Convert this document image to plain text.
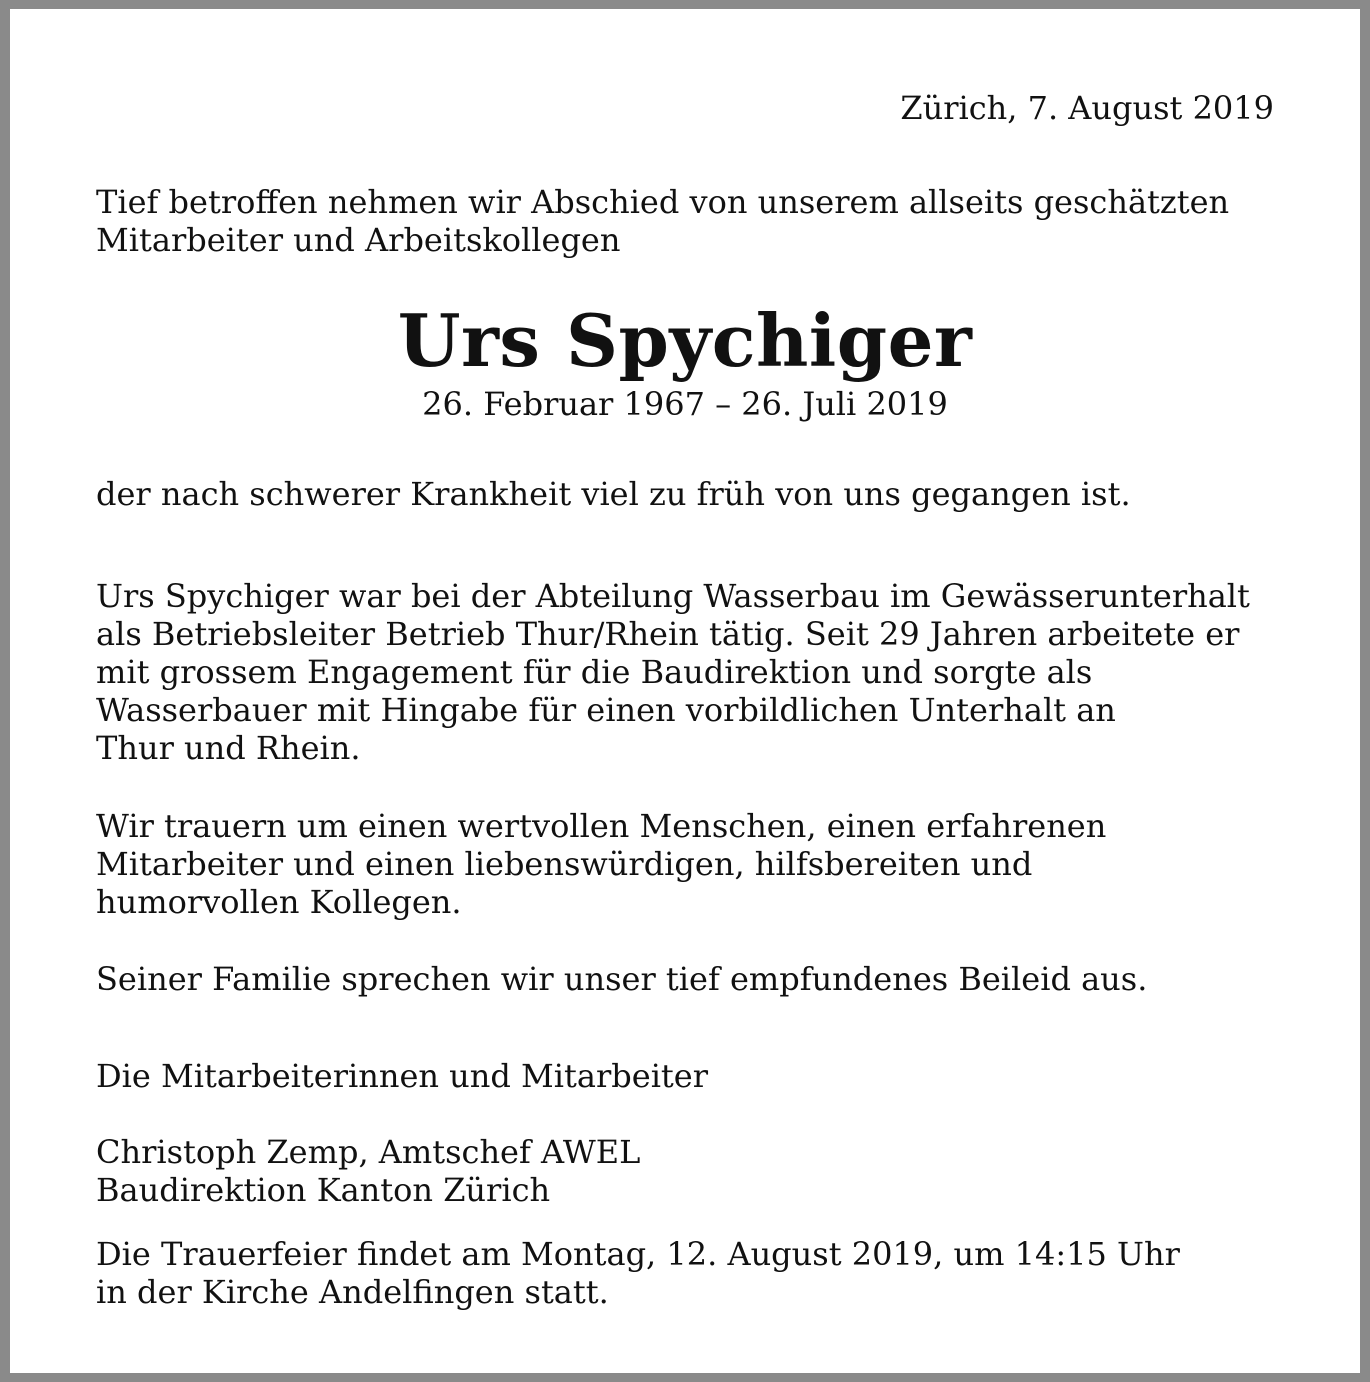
Zürich, 7. August 2019

Tief betroffen nehmen wir Abschied von unserem allseits geschätzten

Mitarbeiter und Arbeitskollegen

Urs Spychiger

26. Februar 1967 – 26. Juli 2019

der nach schwerer Krankheit viel zu früh von uns gegangen ist.

Urs Spychiger war bei der Abteilung Wasserbau im Gewässerunterhalt

als Betriebsleiter Betrieb Thur/Rhein tätig. Seit 29 Jahren arbeitete er

mit grossem Engagement für die Baudirektion und sorgte als

Wasserbauer mit Hingabe für einen vorbildlichen Unterhalt an

Thur und Rhein.

Wir trauern um einen wertvollen Menschen, einen erfahrenen

Mitarbeiter und einen liebenswürdigen, hilfsbereiten und

humorvollen Kollegen.

Seiner Familie sprechen wir unser tief empfundenes Beileid aus.

Die Mitarbeiterinnen und Mitarbeiter

Christoph Zemp, Amtschef AWEL

Baudirektion Kanton Zürich

Die Trauerfeier findet am Montag, 12. August 2019, um 14:15 Uhr

in der Kirche Andelfingen statt.
